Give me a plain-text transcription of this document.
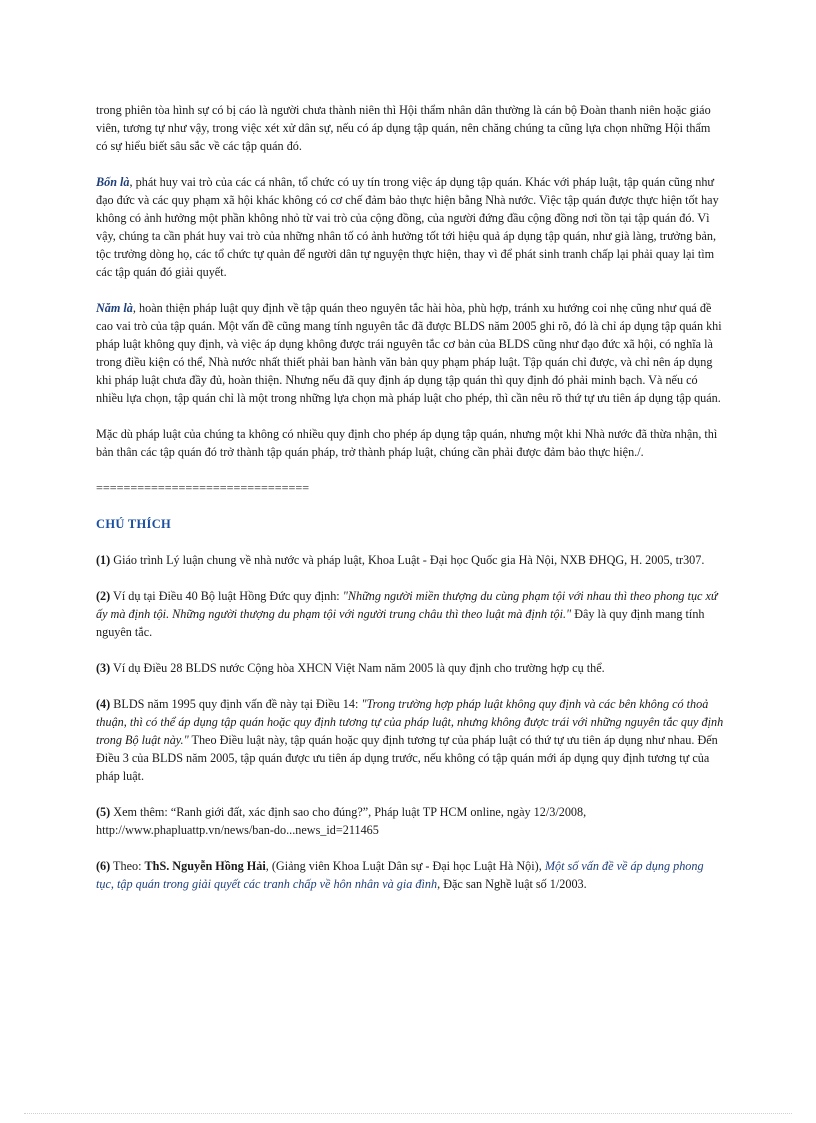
trong phiên tòa hình sự có bị cáo là người chưa thành niên thì Hội thẩm nhân dân thường là cán bộ Đoàn thanh niên hoặc giáo viên, tương tự như vậy, trong việc xét xử dân sự, nếu có áp dụng tập quán, nên chăng chúng ta cũng lựa chọn những Hội thẩm có sự hiểu biết sâu sắc về các tập quán đó.

Bốn là, phát huy vai trò của các cá nhân, tổ chức có uy tín trong việc áp dụng tập quán. Khác với pháp luật, tập quán cũng như đạo đức và các quy phạm xã hội khác không có cơ chế đảm bảo thực hiện bằng Nhà nước. Việc tập quán được thực hiện tốt hay không có ảnh hưởng một phần không nhỏ từ vai trò của cộng đồng, của người đứng đầu cộng đồng nơi tồn tại tập quán đó. Vì vậy, chúng ta cần phát huy vai trò của những nhân tố có ảnh hưởng tốt tới hiệu quả áp dụng tập quán, như già làng, trưởng bản, tộc trưởng dòng họ, các tổ chức tự quản để người dân tự nguyện thực hiện, thay vì để phát sinh tranh chấp lại phải quay lại tìm các tập quán đó giải quyết.

Năm là, hoàn thiện pháp luật quy định về tập quán theo nguyên tắc hài hòa, phù hợp, tránh xu hướng coi nhẹ cũng như quá đề cao vai trò của tập quán. Một vấn đề cũng mang tính nguyên tắc đã được BLDS năm 2005 ghi rõ, đó là chỉ áp dụng tập quán khi pháp luật không quy định, và việc áp dụng không được trái nguyên tắc cơ bản của BLDS cũng như đạo đức xã hội, có nghĩa là trong điều kiện có thể, Nhà nước nhất thiết phải ban hành văn bản quy phạm pháp luật. Tập quán chỉ được, và chỉ nên áp dụng khi pháp luật chưa đầy đủ, hoàn thiện. Nhưng nếu đã quy định áp dụng tập quán thì quy định đó phải minh bạch. Và nếu có nhiều lựa chọn, tập quán chỉ là một trong những lựa chọn mà pháp luật cho phép, thì cần nêu rõ thứ tự ưu tiên áp dụng tập quán.

Mặc dù pháp luật của chúng ta không có nhiều quy định cho phép áp dụng tập quán, nhưng một khi Nhà nước đã thừa nhận, thì bản thân các tập quán đó trở thành tập quán pháp, trở thành pháp luật, chúng cần phải được đảm bảo thực hiện./.

===============================

CHÚ THÍCH

(1) Giáo trình Lý luận chung về nhà nước và pháp luật, Khoa Luật - Đại học Quốc gia Hà Nội, NXB ĐHQG, H. 2005, tr307.

(2) Ví dụ tại Điều 40 Bộ luật Hồng Đức quy định: "Những người miền thượng du cùng phạm tội với nhau thì theo phong tục xứ ấy mà định tội. Những người thượng du phạm tội với người trung châu thì theo luật mà định tội." Đây là quy định mang tính nguyên tắc.

(3) Ví dụ Điều 28 BLDS nước Cộng hòa XHCN Việt Nam năm 2005 là quy định cho trường hợp cụ thể.

(4) BLDS năm 1995 quy định vấn đề này tại Điều 14: "Trong trường hợp pháp luật không quy định và các bên không có thoả thuận, thì có thể áp dụng tập quán hoặc quy định tương tự của pháp luật, nhưng không được trái với những nguyên tắc quy định trong Bộ luật này." Theo Điều luật này, tập quán hoặc quy định tương tự của pháp luật có thứ tự ưu tiên áp dụng như nhau. Đến Điều 3 của BLDS năm 2005, tập quán được ưu tiên áp dụng trước, nếu không có tập quán mới áp dụng quy định tương tự của pháp luật.

(5) Xem thêm: “Ranh giới đất, xác định sao cho đúng?”, Pháp luật TP HCM online, ngày 12/3/2008, http://www.phapluattp.vn/news/ban-do...news_id=211465

(6) Theo: ThS. Nguyễn Hồng Hải, (Giảng viên Khoa Luật Dân sự - Đại học Luật Hà Nội), Một số vấn đề về áp dụng phong tục, tập quán trong giải quyết các tranh chấp về hôn nhân và gia đình, Đặc san Nghề luật số 1/2003.
